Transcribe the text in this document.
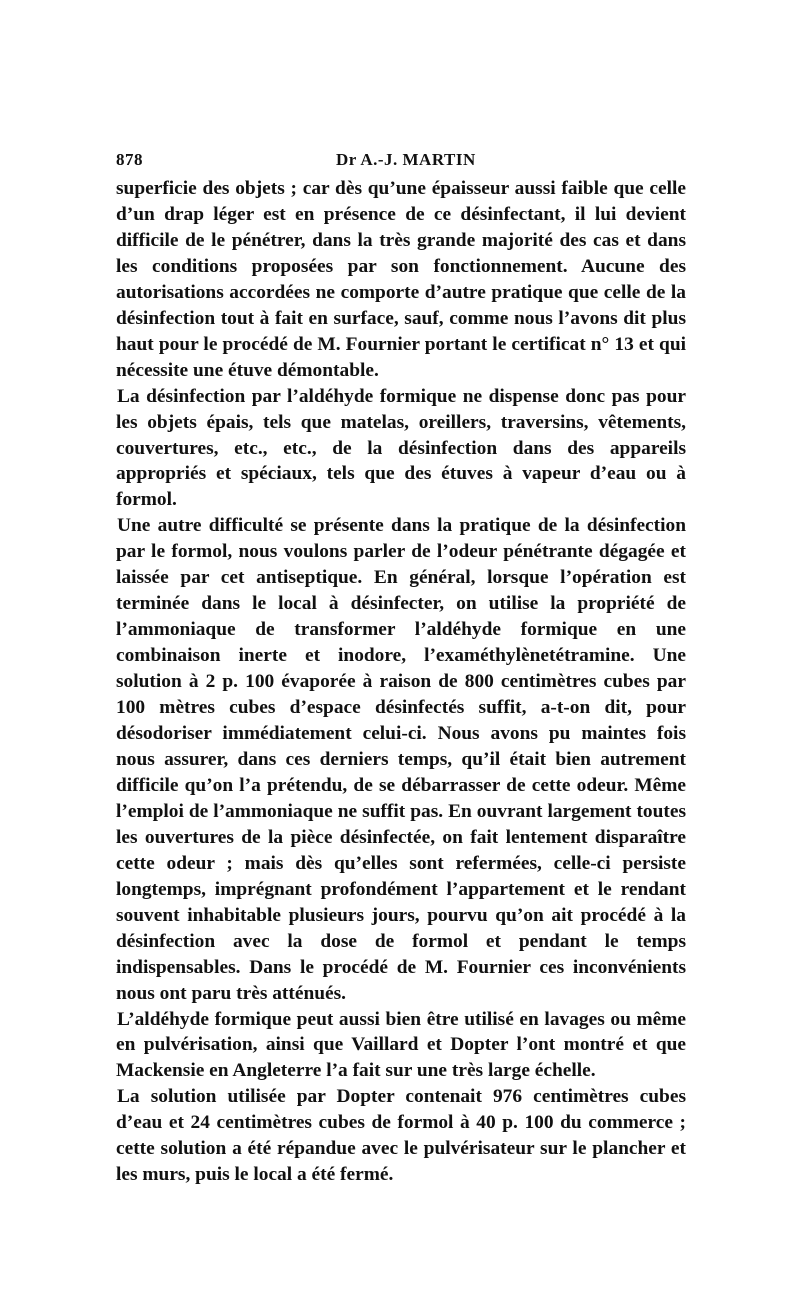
878	Dr A.-J. MARTIN

superficie des objets ; car dès qu’une épaisseur aussi faible que celle d’un drap léger est en présence de ce désinfectant, il lui devient difficile de le pénétrer, dans la très grande majorité des cas et dans les conditions proposées par son fonctionnement. Aucune des autorisations accordées ne comporte d’autre pratique que celle de la désinfection tout à fait en surface, sauf, comme nous l’avons dit plus haut pour le procédé de M. Fournier portant le certificat n° 13 et qui nécessite une étuve démontable.

La désinfection par l’aldéhyde formique ne dispense donc pas pour les objets épais, tels que matelas, oreillers, traversins, vêtements, couvertures, etc., etc., de la désinfection dans des appareils appropriés et spéciaux, tels que des étuves à vapeur d’eau ou à formol.

Une autre difficulté se présente dans la pratique de la désinfection par le formol, nous voulons parler de l’odeur pénétrante dégagée et laissée par cet antiseptique. En général, lorsque l’opération est terminée dans le local à désinfecter, on utilise la propriété de l’ammoniaque de transformer l’aldéhyde formique en une combinaison inerte et inodore, l’examéthylènetétramine. Une solution à 2 p. 100 évaporée à raison de 800 centimètres cubes par 100 mètres cubes d’espace désinfectés suffit, a-t-on dit, pour désodoriser immédiatement celui-ci. Nous avons pu maintes fois nous assurer, dans ces derniers temps, qu’il était bien autrement difficile qu’on l’a prétendu, de se débarrasser de cette odeur. Même l’emploi de l’ammoniaque ne suffit pas. En ouvrant largement toutes les ouvertures de la pièce désinfectée, on fait lentement disparaître cette odeur ; mais dès qu’elles sont refermées, celle-ci persiste longtemps, imprégnant profondément l’appartement et le rendant souvent inhabitable plusieurs jours, pourvu qu’on ait procédé à la désinfection avec la dose de formol et pendant le temps indispensables. Dans le procédé de M. Fournier ces inconvénients nous ont paru très atténués.

L’aldéhyde formique peut aussi bien être utilisé en lavages ou même en pulvérisation, ainsi que Vaillard et Dopter l’ont montré et que Mackensie en Angleterre l’a fait sur une très large échelle.

La solution utilisée par Dopter contenait 976 centimètres cubes d’eau et 24 centimètres cubes de formol à 40 p. 100 du commerce ; cette solution a été répandue avec le pulvérisateur sur le plancher et les murs, puis le local a été fermé.
